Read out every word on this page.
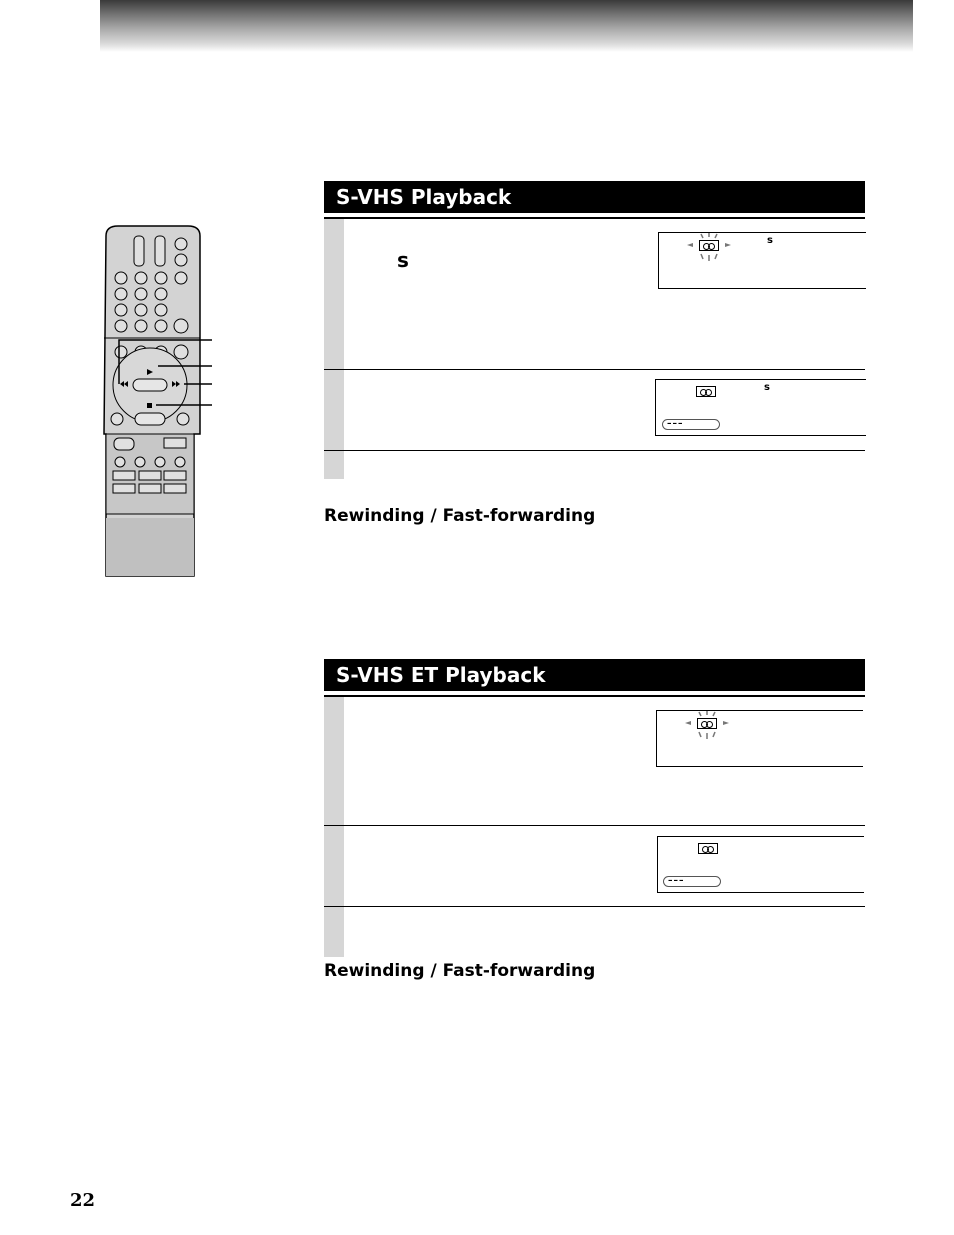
S-VHS Playback
s
s
s
–––
Rewinding / Fast-forwarding
S-VHS ET Playback
–––
Rewinding / Fast-forwarding
22
